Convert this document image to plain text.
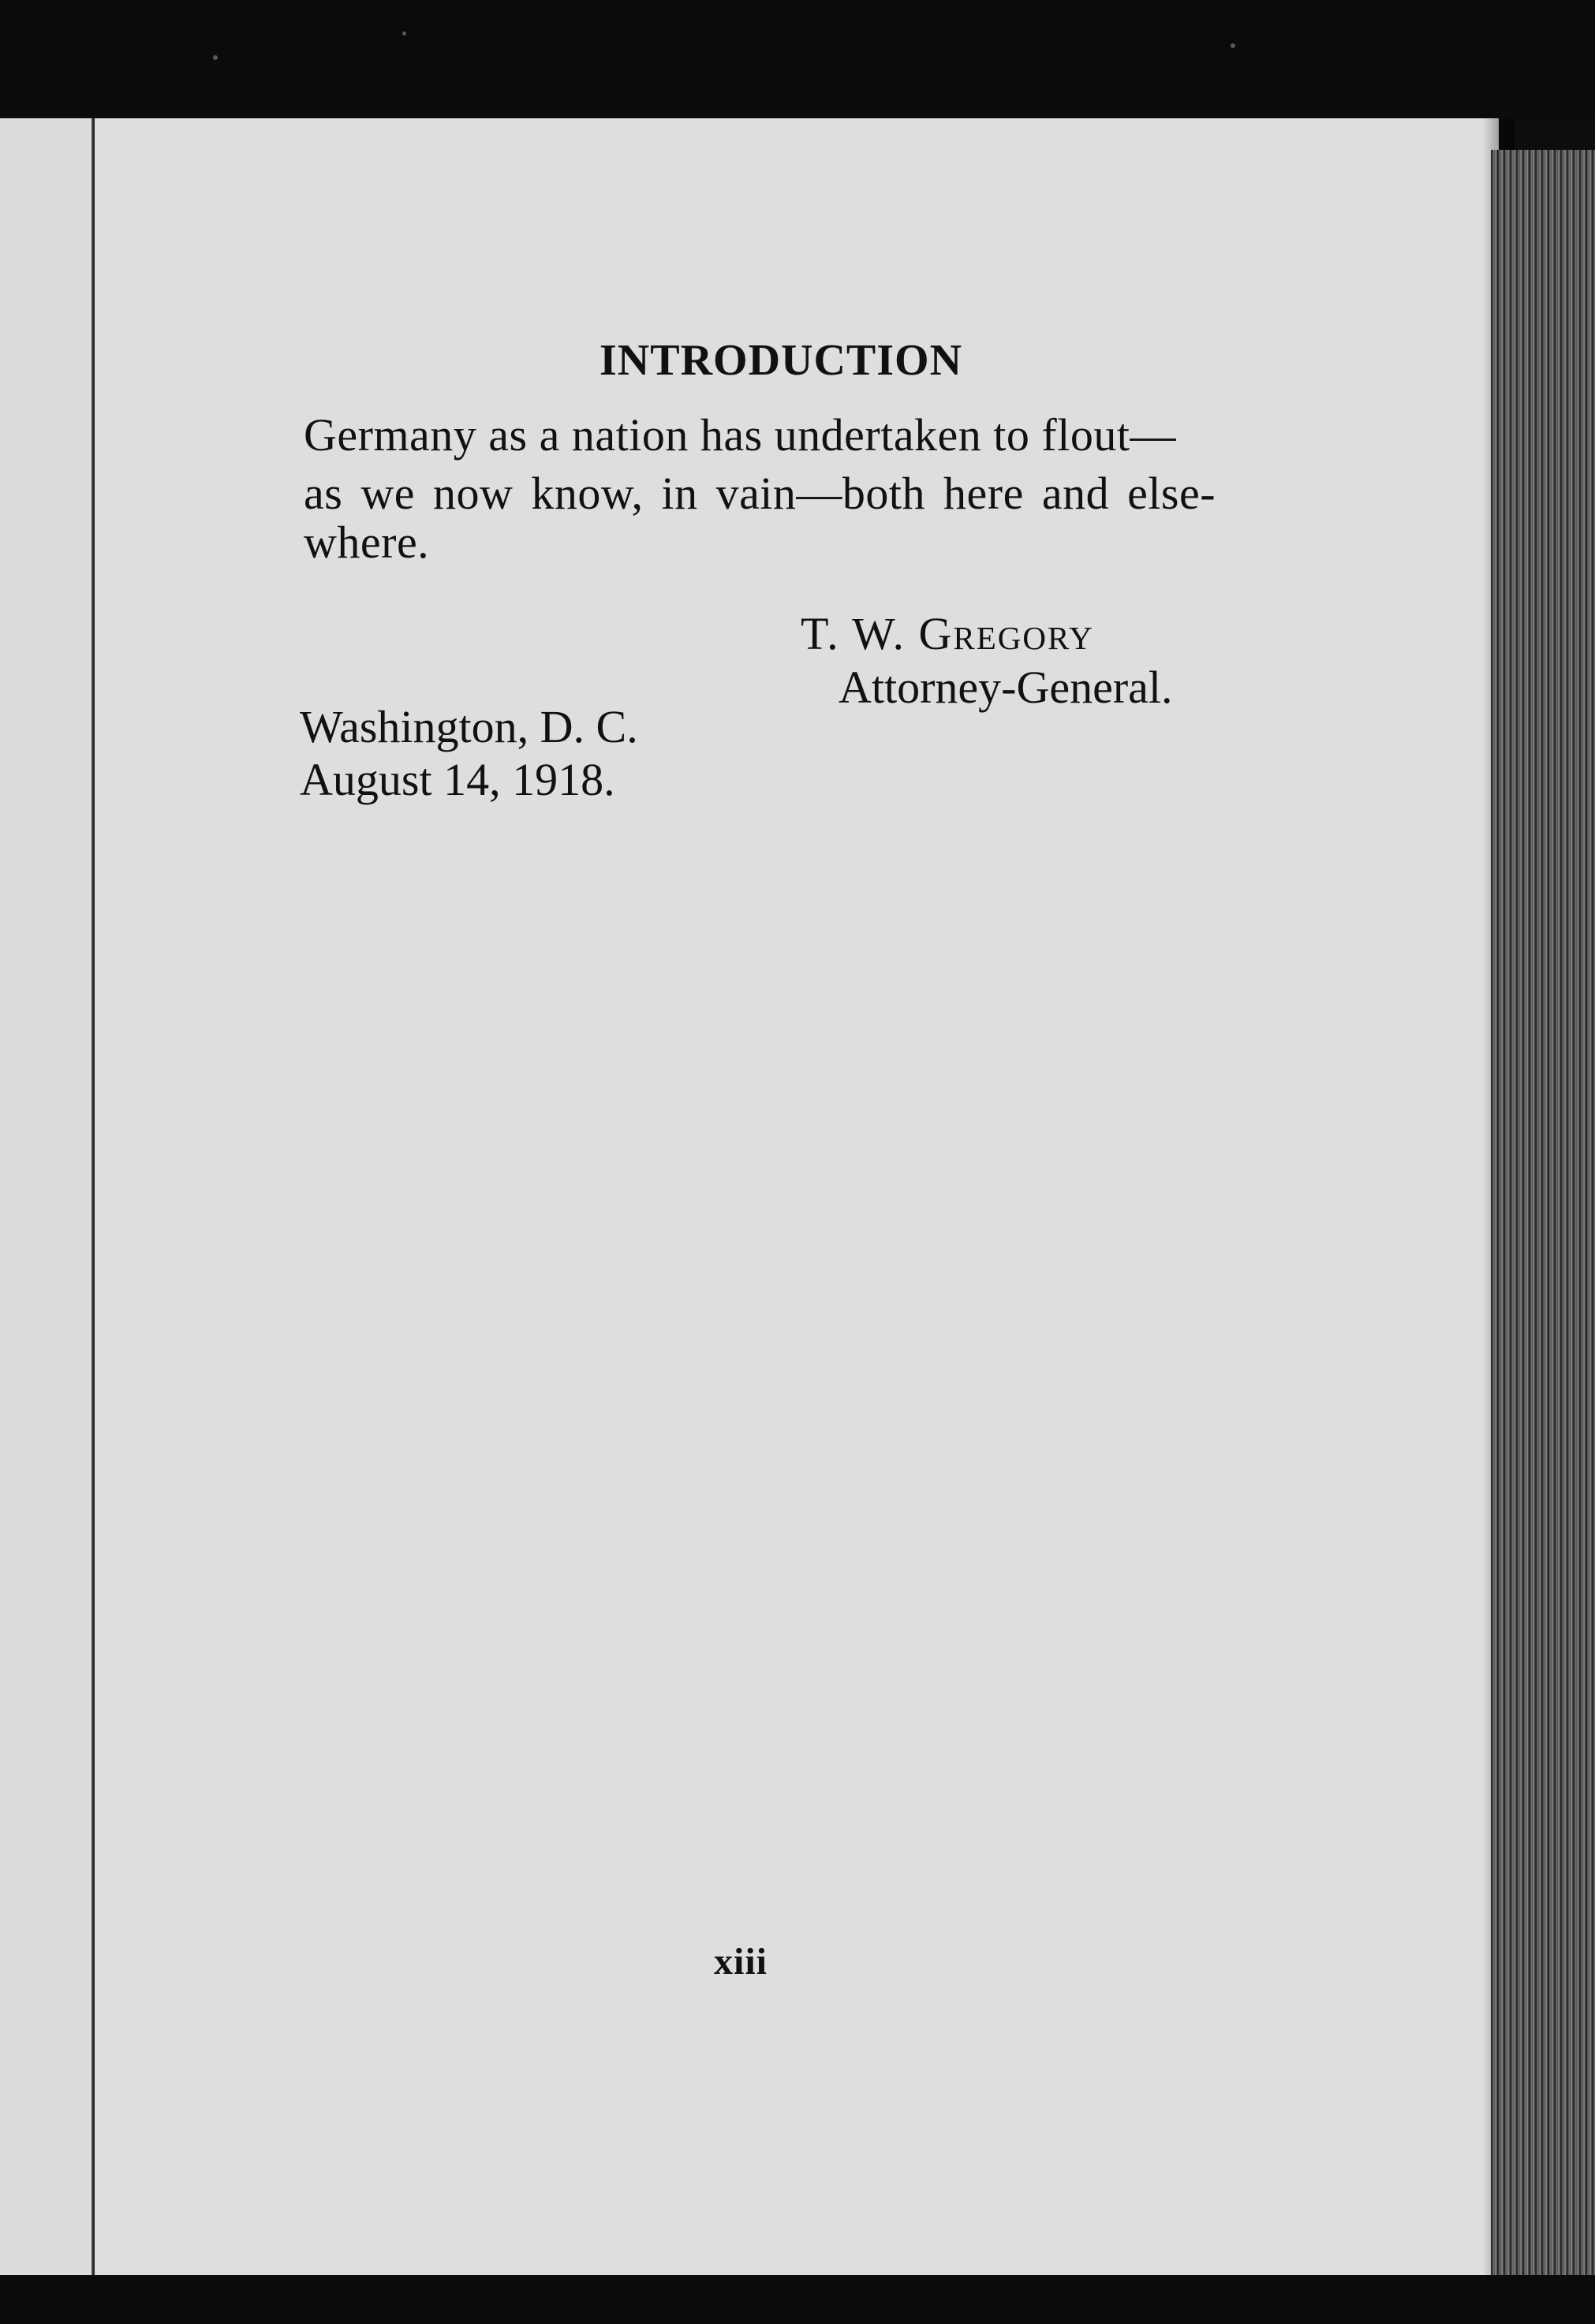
INTRODUCTION

Germany as a nation has undertaken to flout—

as we now know, in vain—both here and else-

where.

T. W. Gregory

Attorney-General.

Washington, D. C.

August 14, 1918.

xiii
